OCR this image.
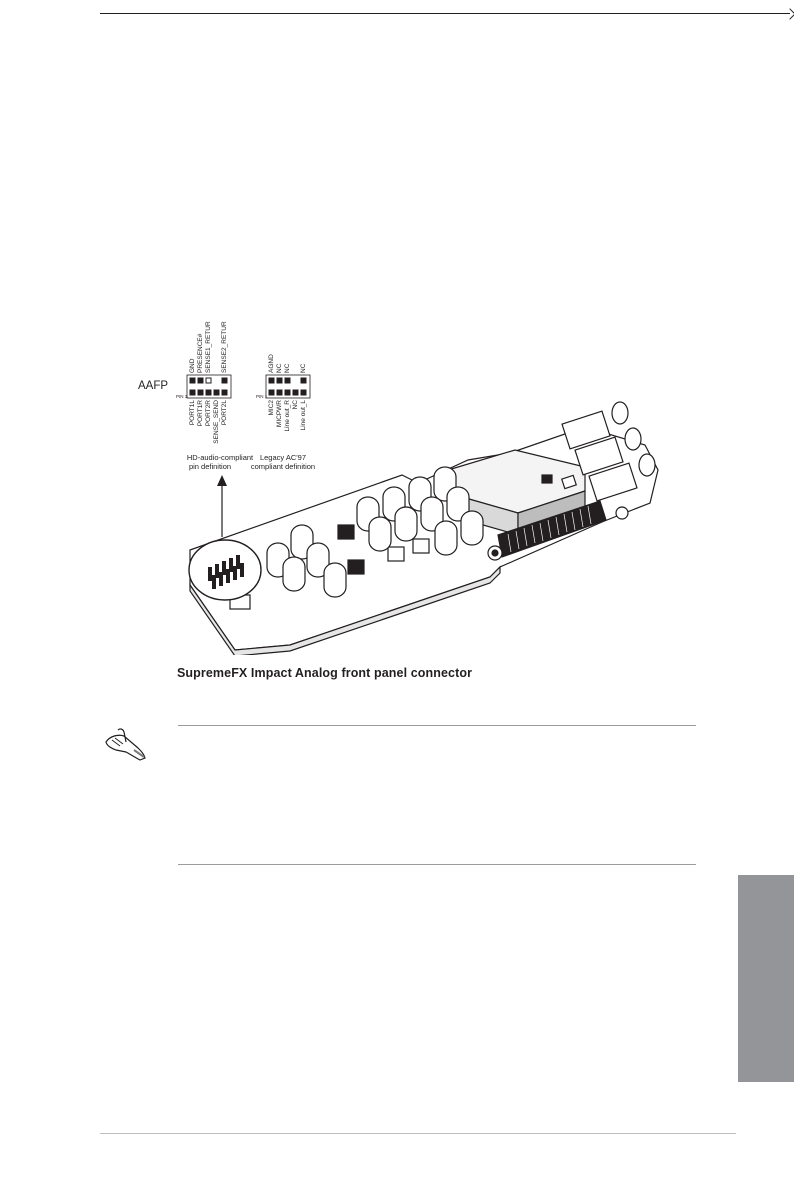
AAFP
PIN 1
GND PRESENCE# SENSE1_RETUR SENSE2_RETUR
PORT1L PORT1R PORT2R SENSE_SEND PORT2L
HD-audio-compliant
pin definition
PIN 1
AGND NC NC NC
MIC2 MICPWR Line out_R NC Line out_L
Legacy AC'97
compliant definition
SupremeFX Impact Analog front panel connector
